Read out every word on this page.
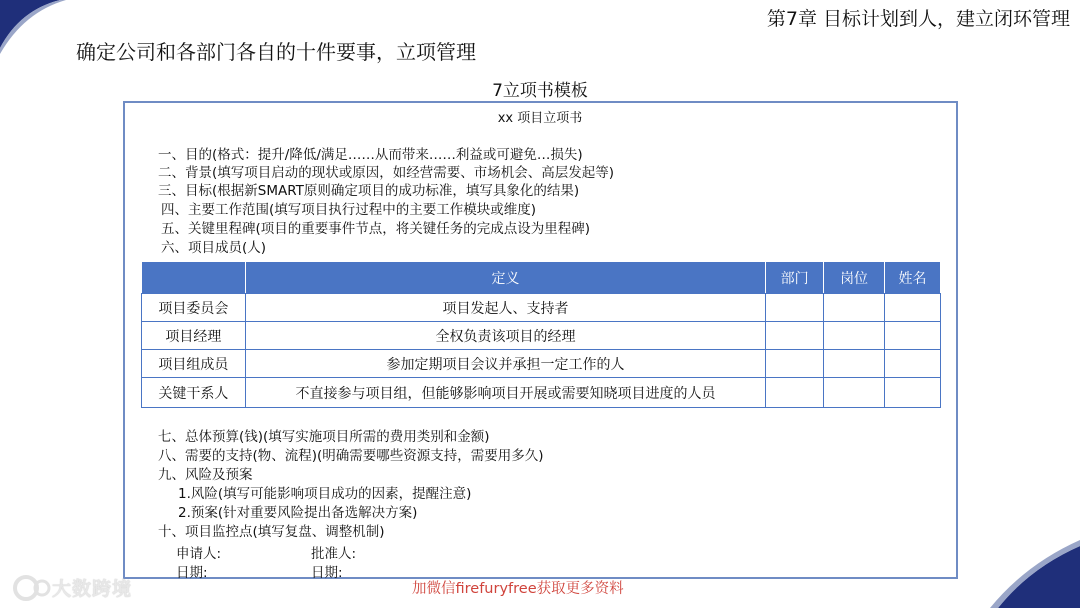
第7章 目标计划到人，建立闭环管理
确定公司和各部门各自的十件要事，立项管理
7立项书模板
xx 项目立项书
一、目的(格式：提升/降低/满足……从而带来……利益或可避免…损失)
二、背景(填写项目启动的现状或原因，如经营需要、市场机会、高层发起等)
三、目标(根据新SMART原则确定项目的成功标准，填写具象化的结果)
四、主要工作范围(填写项目执行过程中的主要工作模块或维度)
五、关键里程碑(项目的重要事件节点，将关键任务的完成点设为里程碑)
六、项目成员(人)
	定义	部门	岗位	姓名
项目委员会	项目发起人、支持者			
项目经理	全权负责该项目的经理			
项目组成员	参加定期项目会议并承担一定工作的人			
关键干系人	不直接参与项目组，但能够影响项目开展或需要知晓项目进度的人员			
七、总体预算(钱)(填写实施项目所需的费用类别和金额)
八、需要的支持(物、流程)(明确需要哪些资源支持，需要用多久)
九、风险及预案
1.风险(填写可能影响项目成功的因素，提醒注意)
2.预案(针对重要风险提出备选解决方案)
十、项目监控点(填写复盘、调整机制)
申请人:	批准人:
日期:	日期:
加微信firefuryfree获取更多资料
大数跨境
